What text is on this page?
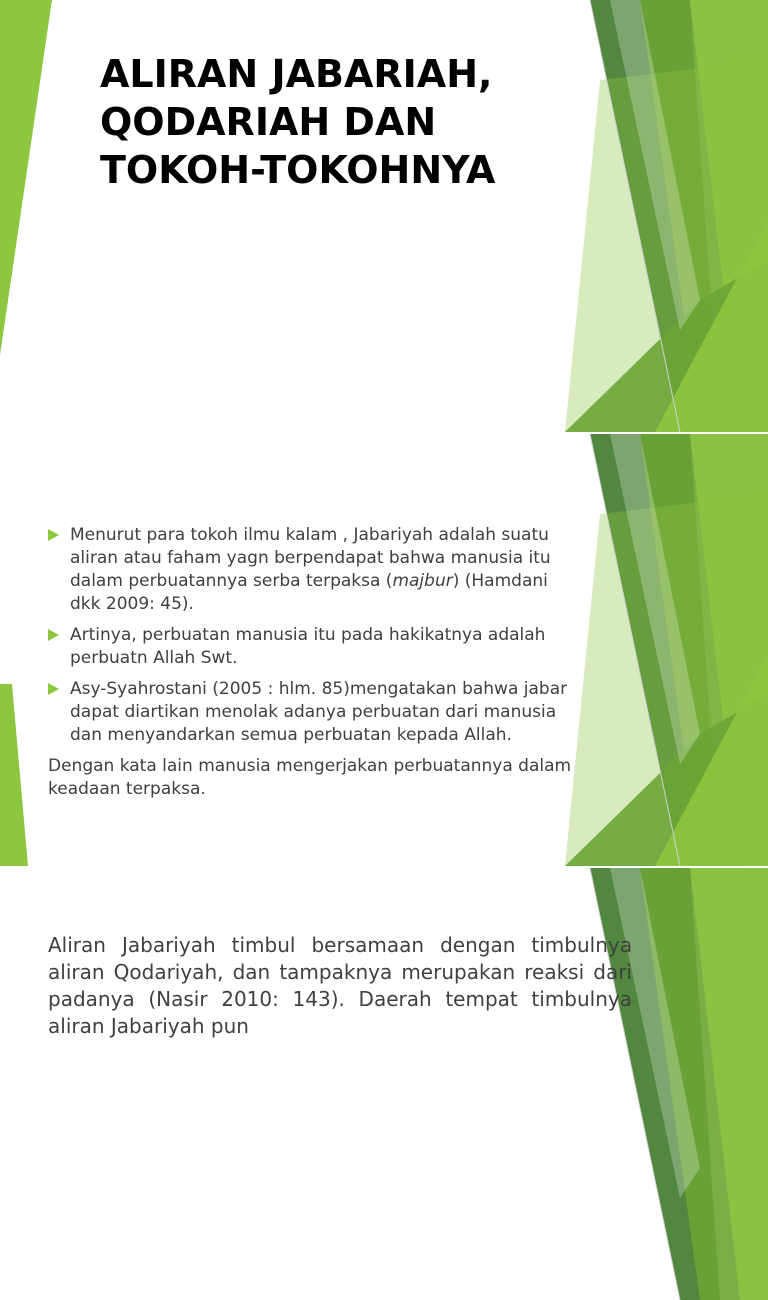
ALIRAN JABARIAH,
QODARIAH DAN
TOKOH-TOKOHNYA
Menurut para tokoh ilmu kalam , Jabariyah adalah suatu aliran atau faham yagn berpendapat bahwa manusia itu dalam perbuatannya serba terpaksa (majbur) (Hamdani dkk 2009: 45).
Artinya, perbuatan manusia itu pada hakikatnya adalah perbuatn Allah Swt.
Asy-Syahrostani (2005 : hlm. 85)mengatakan bahwa jabar dapat diartikan menolak adanya perbuatan dari manusia dan menyandarkan semua perbuatan kepada Allah.
Dengan kata lain manusia mengerjakan perbuatannya dalam keadaan terpaksa.

Aliran Jabariyah timbul bersamaan dengan timbulnya aliran Qodariyah, dan tampaknya merupakan reaksi dari padanya (Nasir 2010: 143). Daerah tempat timbulnya aliran Jabariyah pun
